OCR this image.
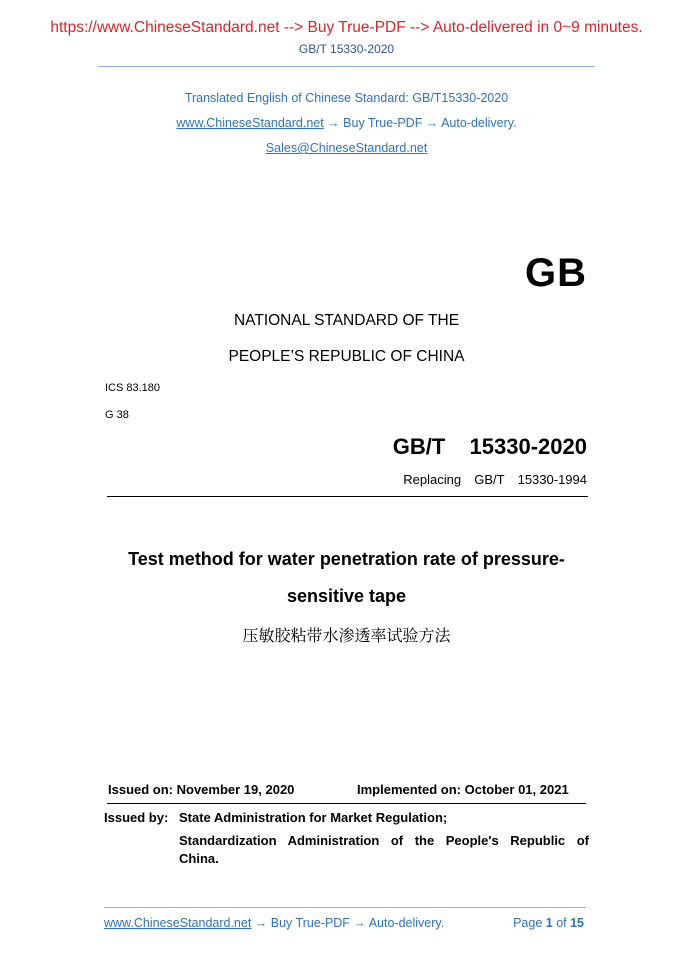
https://www.ChineseStandard.net --> Buy True-PDF --> Auto-delivered in 0~9 minutes.
GB/T 15330-2020
Translated English of Chinese Standard: GB/T15330-2020
www.ChineseStandard.net → Buy True-PDF → Auto-delivery.
Sales@ChineseStandard.net
GB
NATIONAL STANDARD OF THE
PEOPLE’S REPUBLIC OF CHINA
ICS 83.180
G 38
GB/T  15330-2020
Replacing  GB/T  15330-1994
Test method for water penetration rate of pressure-
sensitive tape
压敏胶粘带水渗透率试验方法
Issued on: November 19, 2020	Implemented on: October 01, 2021
Issued by: State Administration for Market Regulation;
Standardization Administration of the People's Republic of
China.
www.ChineseStandard.net → Buy True-PDF → Auto-delivery.	Page 1 of 15
